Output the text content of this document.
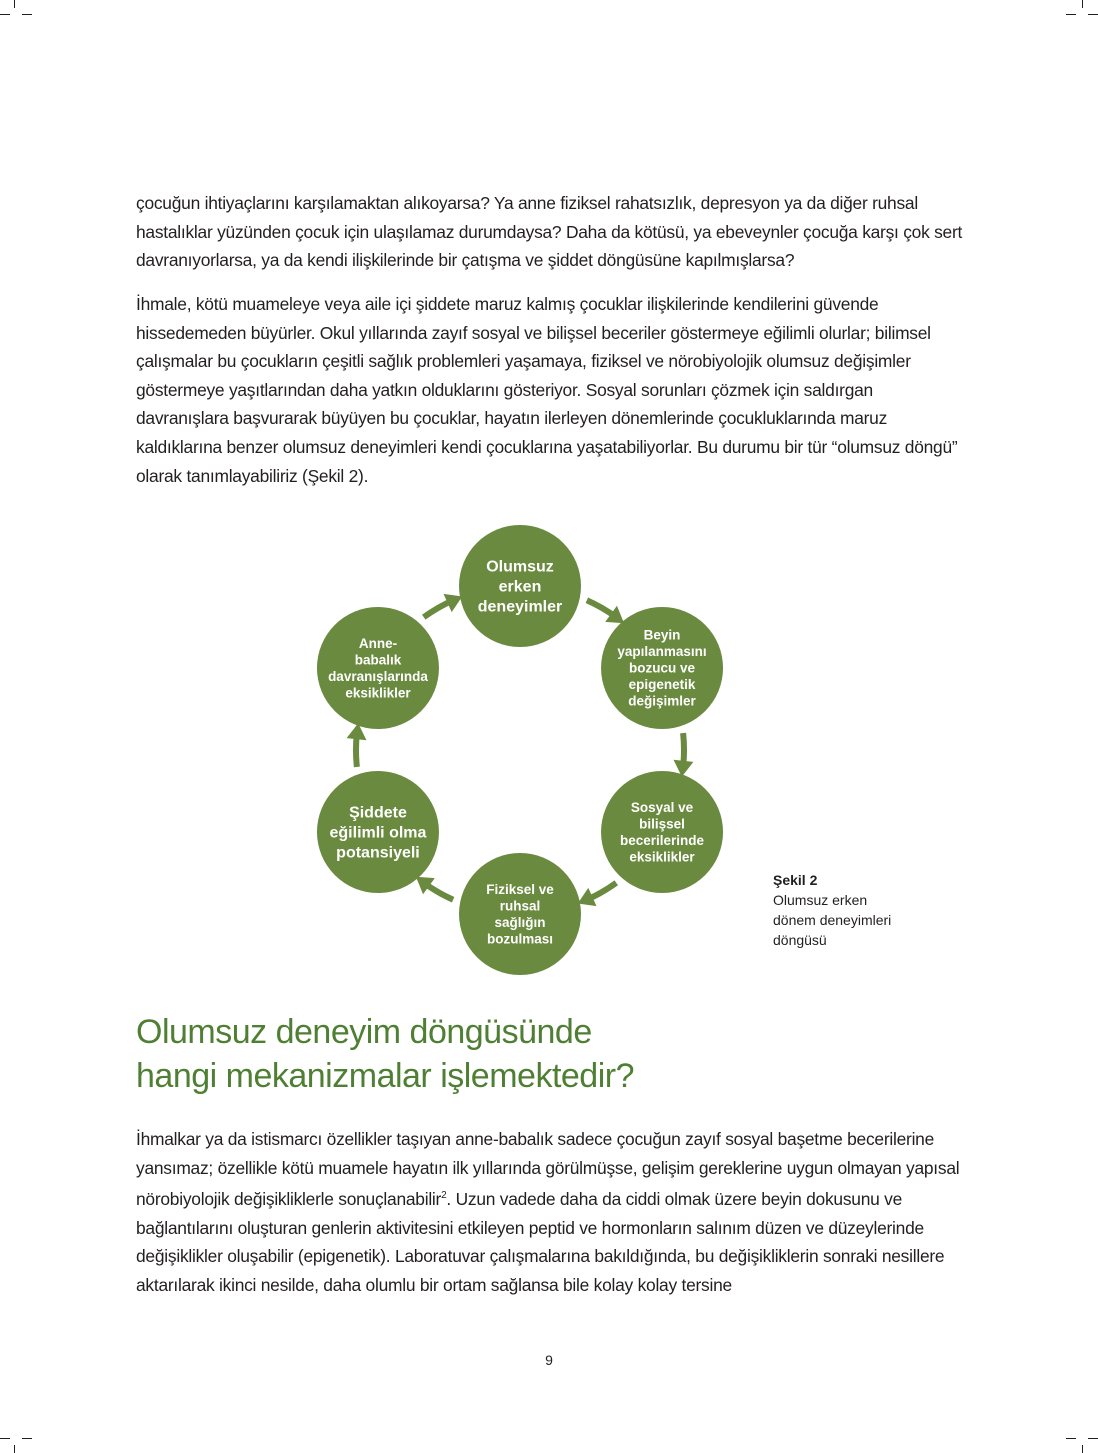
çocuğun ihtiyaçlarını karşılamaktan alıkoyarsa? Ya anne fiziksel rahatsızlık, depresyon ya da diğer ruhsal hastalıklar yüzünden çocuk için ulaşılamaz durumdaysa? Daha da kötüsü, ya ebeveynler çocuğa karşı çok sert davranıyorlarsa, ya da kendi ilişkilerinde bir çatışma ve şiddet döngüsüne kapılmışlarsa?

İhmale, kötü muameleye veya aile içi şiddete maruz kalmış çocuklar ilişkilerinde kendilerini güvende hissedemeden büyürler. Okul yıllarında zayıf sosyal ve bilişsel beceriler göstermeye eğilimli olurlar; bilimsel çalışmalar bu çocukların çeşitli sağlık problemleri yaşamaya, fiziksel ve nörobiyolojik olumsuz değişimler göstermeye yaşıtlarından daha yatkın olduklarını gösteriyor. Sosyal sorunları çözmek için saldırgan davranışlara başvurarak büyüyen bu çocuklar, hayatın ilerleyen dönemlerinde çocukluklarında maruz kaldıklarına benzer olumsuz deneyimleri kendi çocuklarına yaşatabiliyorlar. Bu durumu bir tür “olumsuz döngü” olarak tanımlayabiliriz (Şekil 2).

Olumsuz erken deneyimler
Beyin yapılanmasını bozucu ve epigenetik değişimler
Sosyal ve bilişsel becerilerinde eksiklikler
Fiziksel ve ruhsal sağlığın bozulması
Şiddete eğilimli olma potansiyeli
Anne-babalık davranışlarında eksiklikler
Şekil 2
Olumsuz erken
dönem deneyimleri
döngüsü
Olumsuz deneyim döngüsünde
hangi mekanizmalar işlemektedir?

İhmalkar ya da istismarcı özellikler taşıyan anne-babalık sadece çocuğun zayıf sosyal başetme becerilerine yansımaz; özellikle kötü muamele hayatın ilk yıllarında görülmüşse, gelişim gereklerine uygun olmayan yapısal nörobiyolojik değişikliklerle sonuçlanabilir$^2$. Uzun vadede daha da ciddi olmak üzere beyin dokusunu ve bağlantılarını oluşturan genlerin aktivitesini etkileyen peptid ve hormonların salınım düzen ve düzeylerinde değişiklikler oluşabilir (epigenetik). Laboratuvar çalışmalarına bakıldığında, bu değişikliklerin sonraki nesillere aktarılarak ikinci nesilde, daha olumlu bir ortam sağlansa bile kolay kolay tersine

9
